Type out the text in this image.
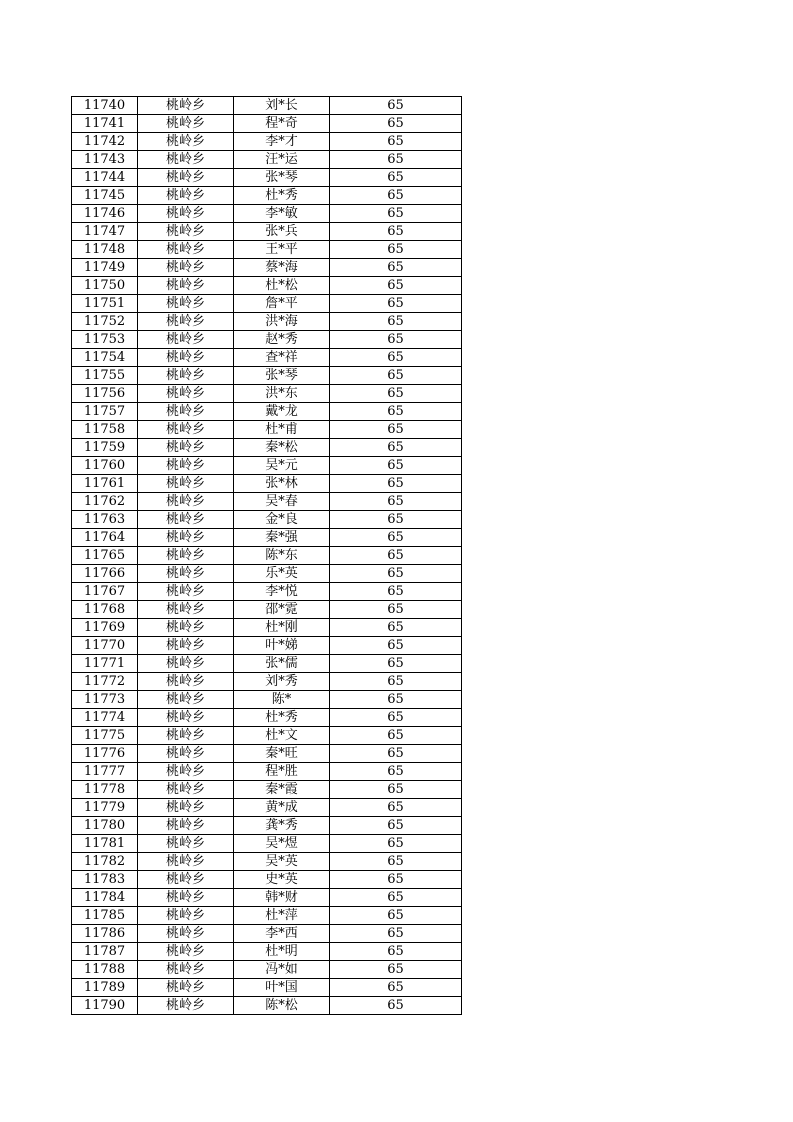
11740	桃岭乡	刘*长	65
11741	桃岭乡	程*奇	65
11742	桃岭乡	李*才	65
11743	桃岭乡	汪*运	65
11744	桃岭乡	张*琴	65
11745	桃岭乡	杜*秀	65
11746	桃岭乡	李*敏	65
11747	桃岭乡	张*兵	65
11748	桃岭乡	王*平	65
11749	桃岭乡	蔡*海	65
11750	桃岭乡	杜*松	65
11751	桃岭乡	詹*平	65
11752	桃岭乡	洪*海	65
11753	桃岭乡	赵*秀	65
11754	桃岭乡	查*祥	65
11755	桃岭乡	张*琴	65
11756	桃岭乡	洪*东	65
11757	桃岭乡	戴*龙	65
11758	桃岭乡	杜*甫	65
11759	桃岭乡	秦*松	65
11760	桃岭乡	吴*元	65
11761	桃岭乡	张*林	65
11762	桃岭乡	吴*春	65
11763	桃岭乡	金*良	65
11764	桃岭乡	秦*强	65
11765	桃岭乡	陈*东	65
11766	桃岭乡	乐*英	65
11767	桃岭乡	李*悦	65
11768	桃岭乡	邵*霓	65
11769	桃岭乡	杜*刚	65
11770	桃岭乡	叶*娣	65
11771	桃岭乡	张*儒	65
11772	桃岭乡	刘*秀	65
11773	桃岭乡	陈*	65
11774	桃岭乡	杜*秀	65
11775	桃岭乡	杜*文	65
11776	桃岭乡	秦*旺	65
11777	桃岭乡	程*胜	65
11778	桃岭乡	秦*霞	65
11779	桃岭乡	黄*成	65
11780	桃岭乡	龚*秀	65
11781	桃岭乡	吴*煜	65
11782	桃岭乡	吴*英	65
11783	桃岭乡	史*英	65
11784	桃岭乡	韩*财	65
11785	桃岭乡	杜*萍	65
11786	桃岭乡	李*西	65
11787	桃岭乡	杜*明	65
11788	桃岭乡	冯*如	65
11789	桃岭乡	叶*国	65
11790	桃岭乡	陈*松	65
